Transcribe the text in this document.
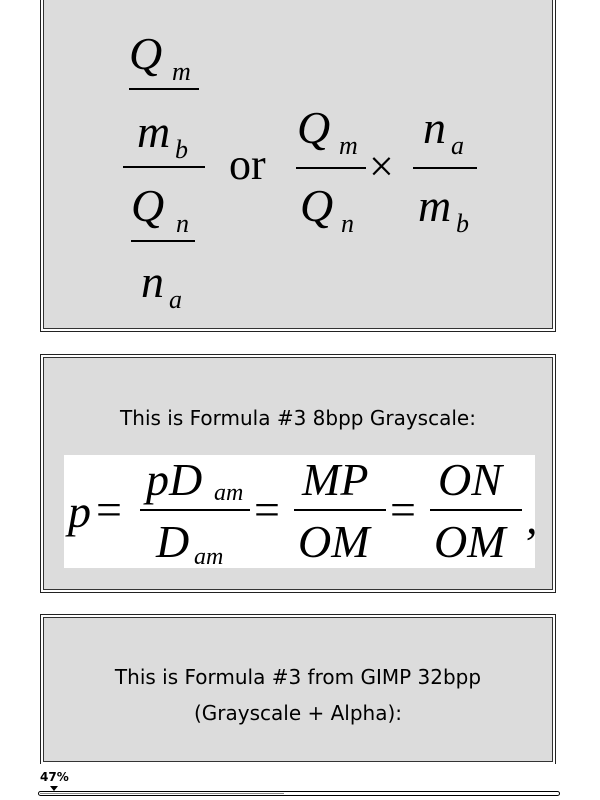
Q m
m b
Q n
n a
or
Q m
Q n
×
n a
m b
This is Formula #3 8bpp Grayscale:
p =
pD am
D am
=
MP
OM
=
ON
OM ,
This is Formula #3 from GIMP 32bpp (Grayscale + Alpha):
47%
